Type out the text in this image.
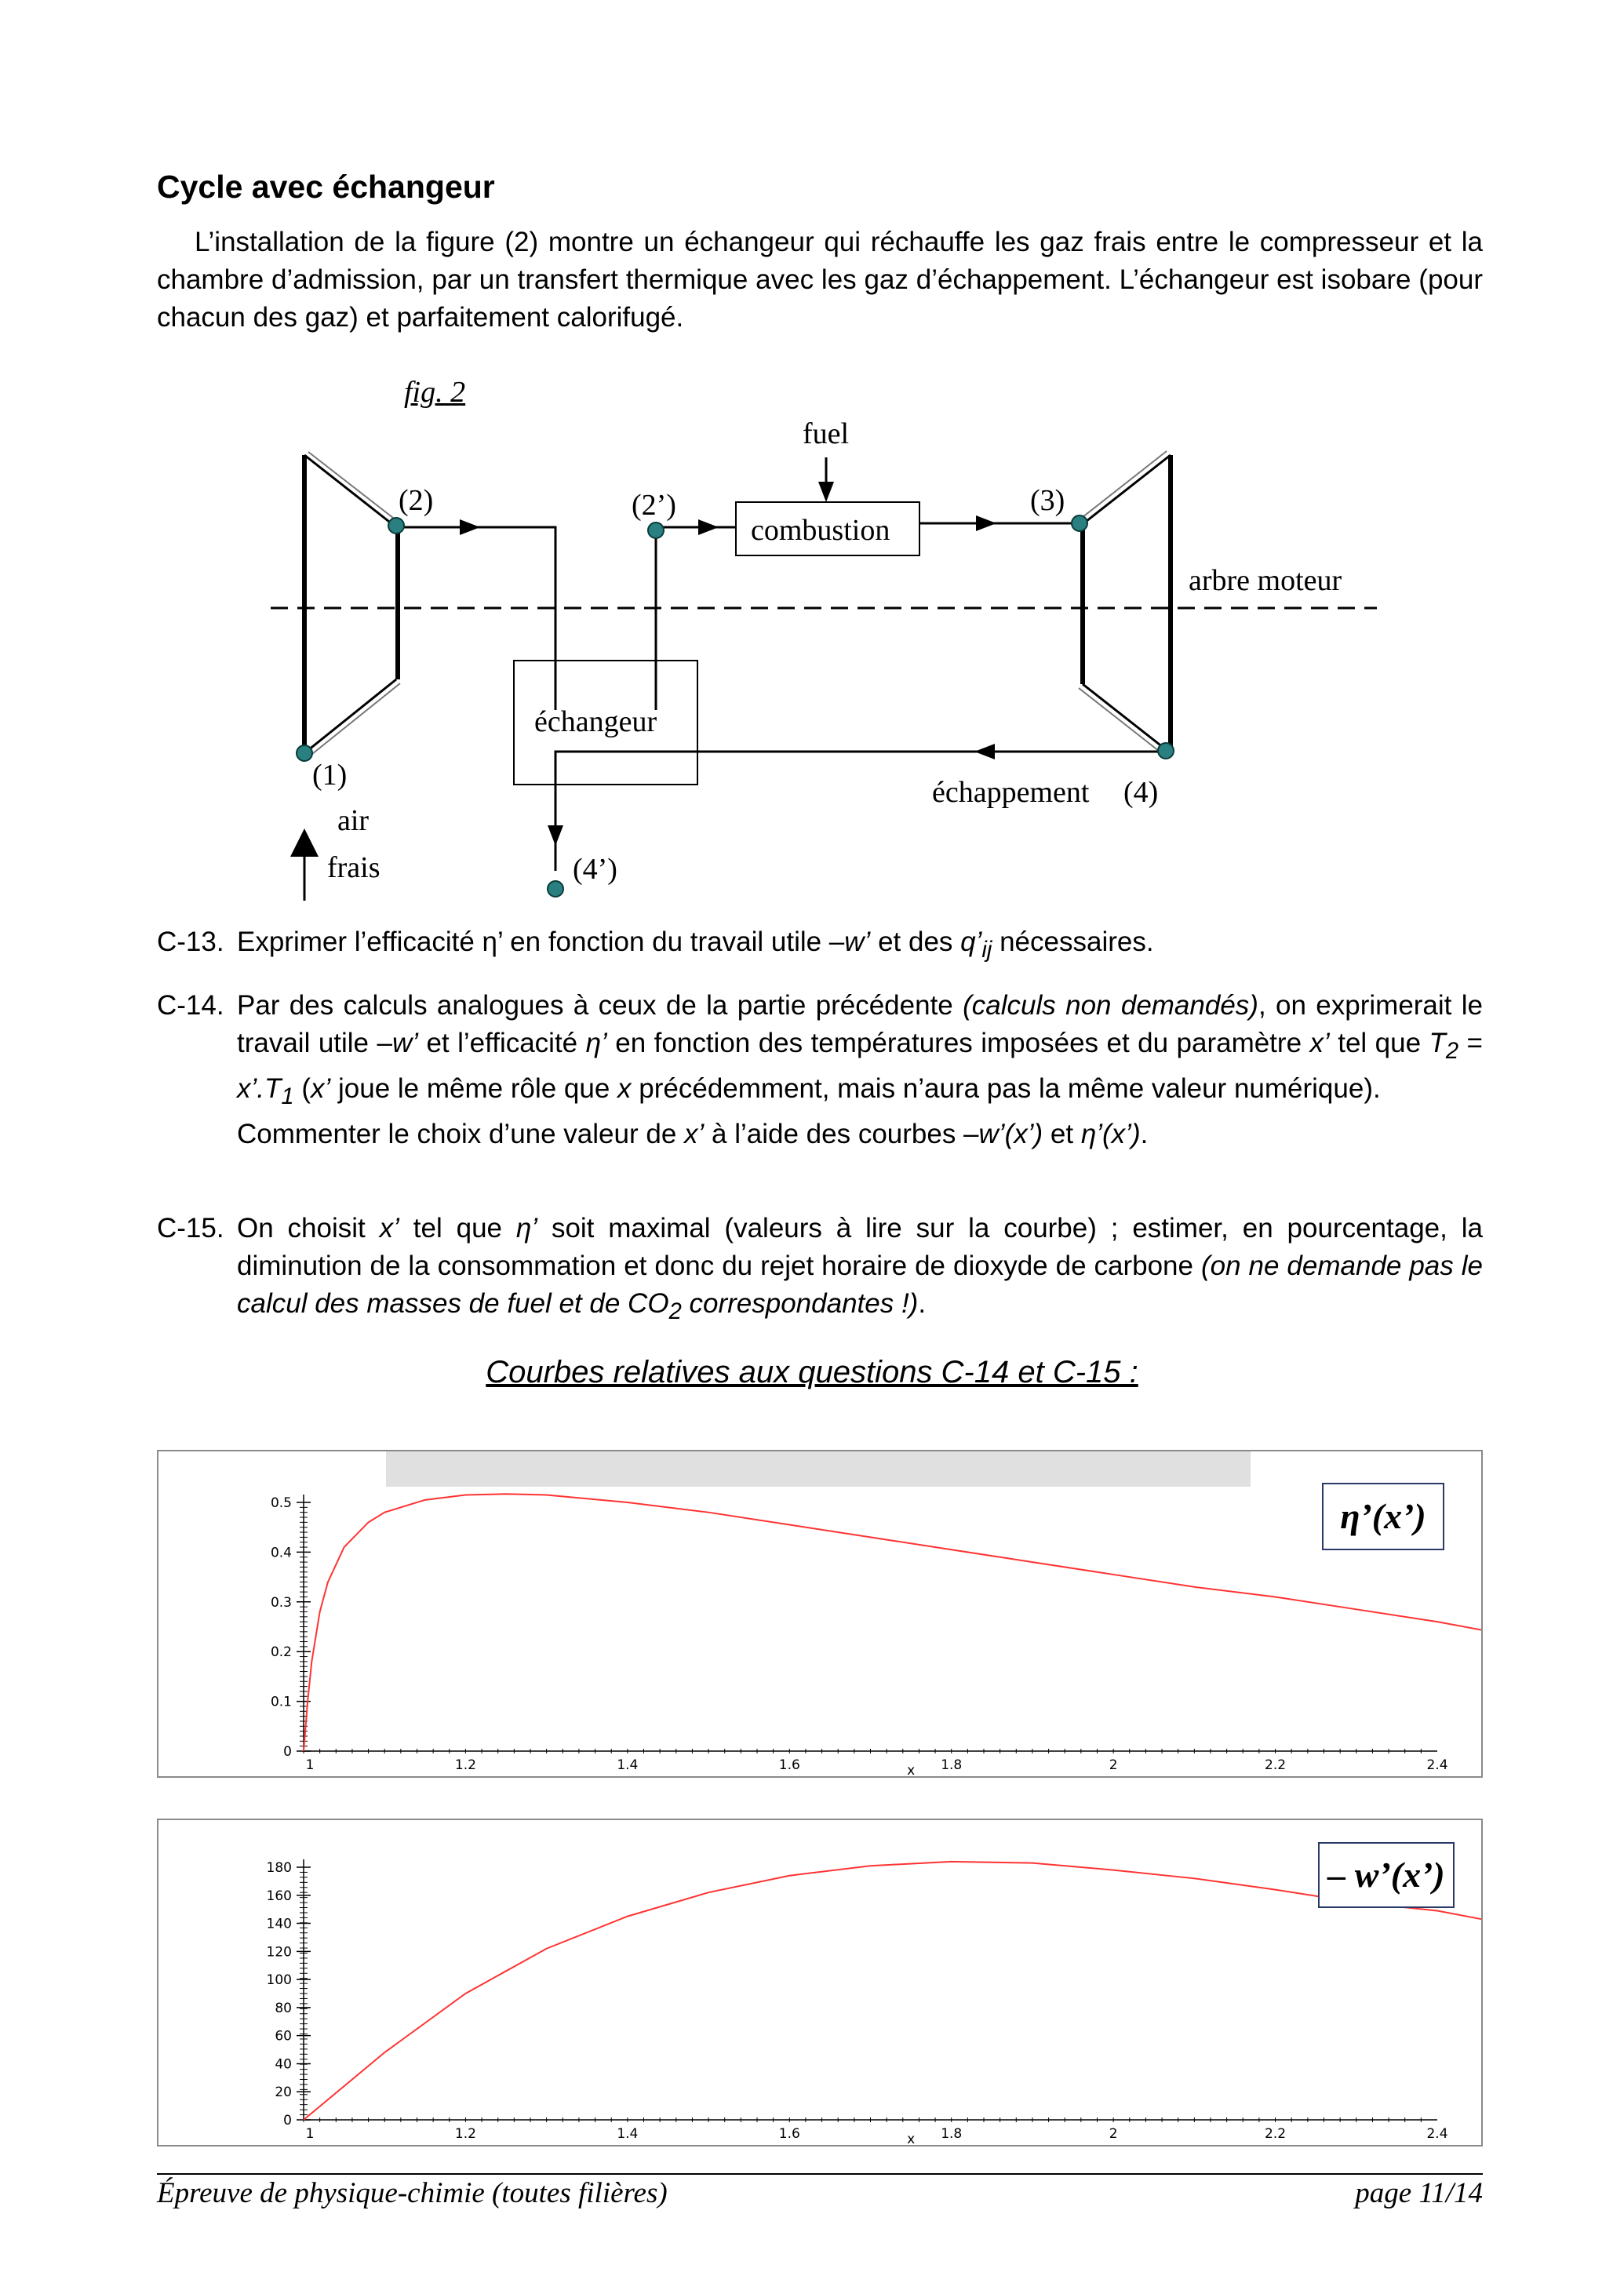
Cycle avec échangeur
L’installation de la figure (2) montre un échangeur qui réchauffe les gaz frais entre le compresseur et la chambre d’admission, par un transfert thermique avec les gaz d’échappement. L’échangeur est isobare (pour chacun des gaz) et parfaitement calorifugé.
fuel
combustion
(2)	(2’)	(3)
arbre moteur
échangeur
(1)
air
frais
échappement (4)
(4’)
fig. 2
C-13. Exprimer l’efficacité η’ en fonction du travail utile –w’ et des $q’_{ij}$ nécessaires.
C-14. Par des calculs analogues à ceux de la partie précédente (calculs non demandés), on exprimerait le travail utile –w’ et l’efficacité η’ en fonction des températures imposées et du paramètre x’ tel que $T_2$ = $x’.T_1$ (x’ joue le même rôle que x précédemment, mais n’aura pas la même valeur numérique).
Commenter le choix d’une valeur de x’ à l’aide des courbes –w’(x’) et η’(x’).
C-15. On choisit x’ tel que η’ soit maximal (valeurs à lire sur la courbe) ; estimer, en pourcentage, la diminution de la consommation et donc du rejet horaire de dioxyde de carbone (on ne demande pas le calcul des masses de fuel et de $CO_2$ correspondantes !).
Courbes relatives aux questions C-14 et C-15 :
0
0.1
0.2
0.3
0.4
0.5
1	1.2	1.4	1.6	1.8	2	2.2	2.4
x
η’(x’)
0
20
40
60
80
100
120
140
160
180
1	1.2	1.4	1.6	1.8	2	2.2	2.4
x
– w’(x’)
Épreuve de physique-chimie (toutes filières)	page 11/14
